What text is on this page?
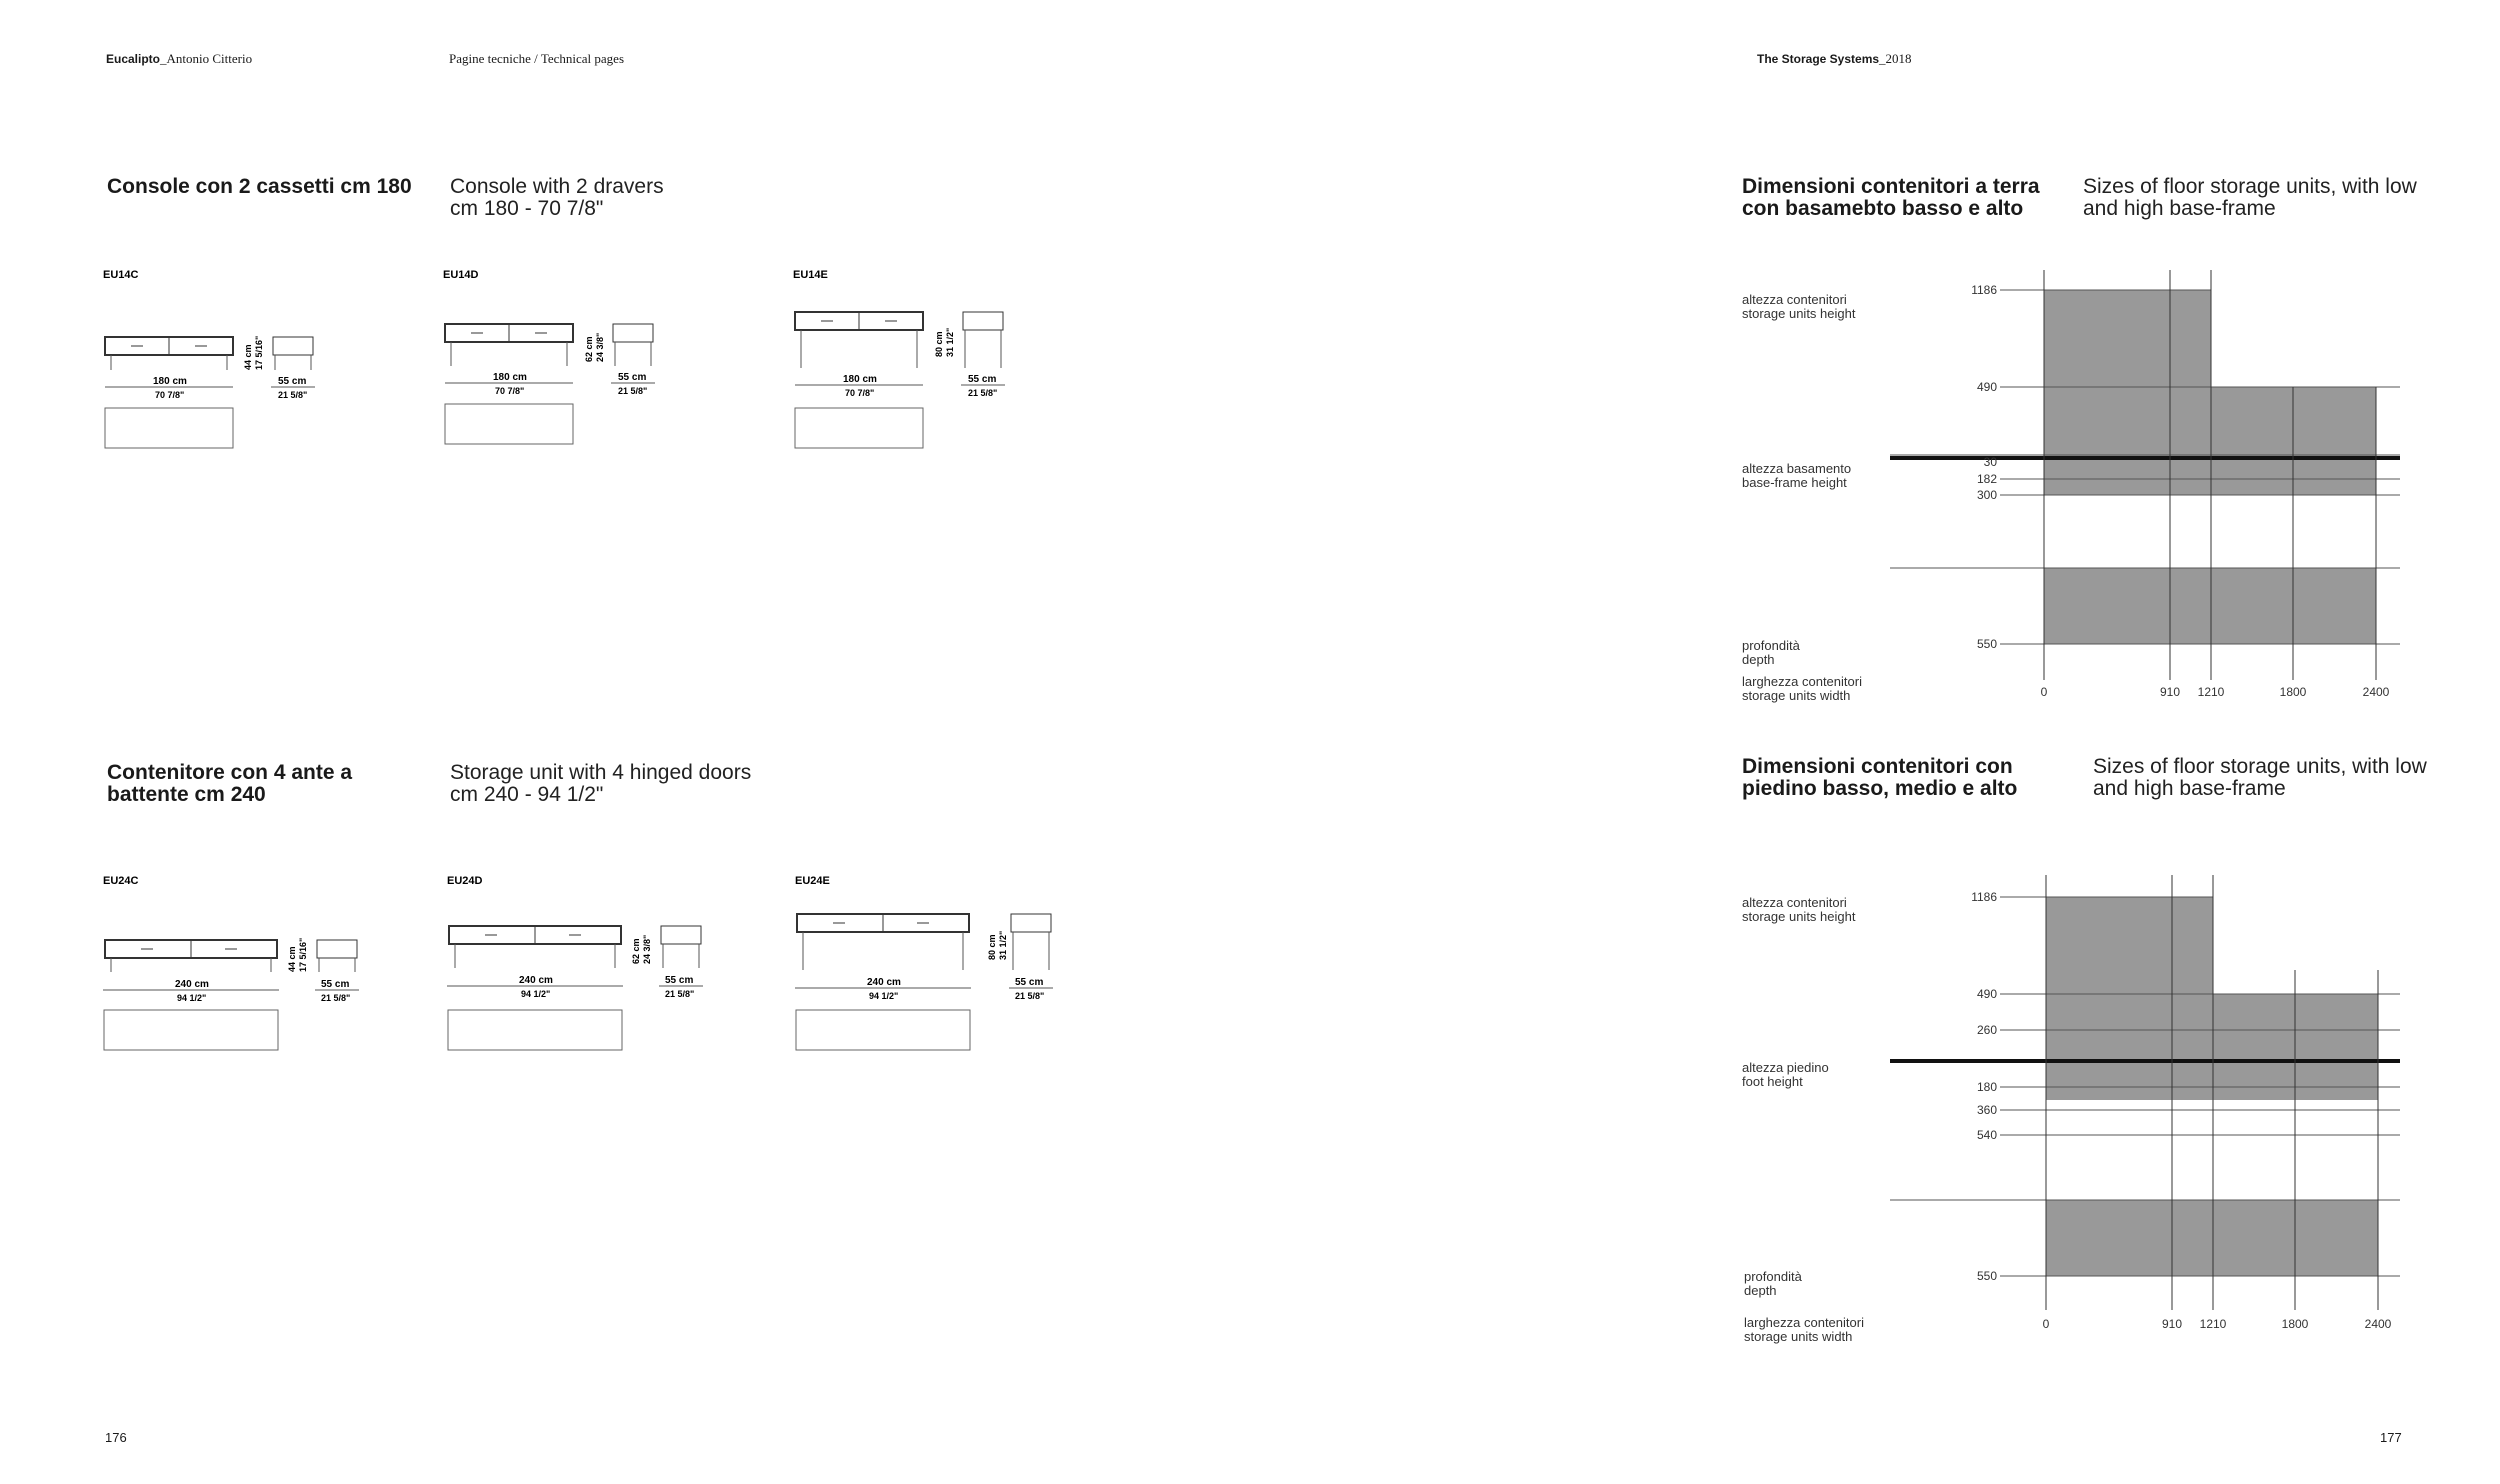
Eucalipto_Antonio Citterio	Pagine tecniche / Technical pages	The Storage Systems_2018
Console con 2 cassetti cm 180 Console with 2 dravers
cm 180 - 70 7/8"
Contenitore con 4 ante a
battente cm 240
Storage unit with 4 hinged doors
cm 240 - 94 1/2"
EU14C
180 cm
70 7/8"
44 cm 17 5/16"
55 cm
21 5/8"
EU14D
180 cm
70 7/8"
62 cm 24 3/8"
55 cm
21 5/8"
EU14E
180 cm
70 7/8"
80 cm 31 1/2"
55 cm
21 5/8"
EU24C
240 cm
94 1/2"
44 cm 17 5/16"
55 cm
21 5/8"
EU24D
240 cm
94 1/2"
62 cm 24 3/8"
55 cm
21 5/8"
EU24E
240 cm
94 1/2"
80 cm 31 1/2"
55 cm
21 5/8"
Dimensioni contenitori a terra
con basamebto basso e alto
Sizes of floor storage units, with low
and high base-frame
altezza contenitori
storage units height
altezza basamento
base-frame height
profondità
depth
larghezza contenitori
storage units width
1186
490
30
182
300
550
0	910 1210	1800	2400
Dimensioni contenitori con
piedino basso, medio e alto
Sizes of floor storage units, with low
and high base-frame
altezza contenitori
storage units height
altezza piedino
foot height
profondità
depth
larghezza contenitori
storage units width
1186
490
260
180
360
540
550
0	910 1210	1800	2400
176	177
